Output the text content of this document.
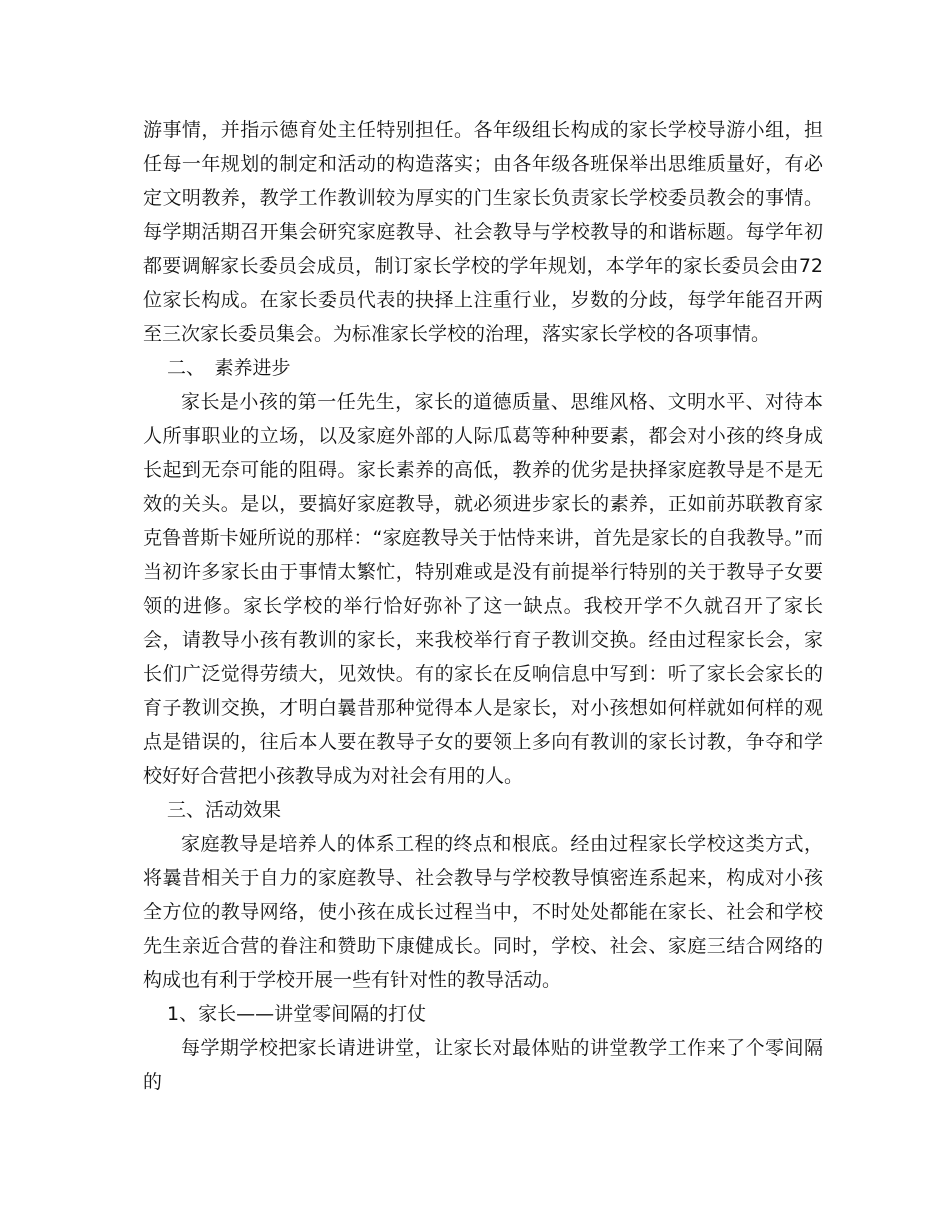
游事情，并指示德育处主任特别担任。各年级组长构成的家长学校导游小组，担任每一年规划的制定和活动的构造落实；由各年级各班保举出思维质量好，有必定文明教养，教学工作教训较为厚实的门生家长负责家长学校委员教会的事情。每学期活期召开集会研究家庭教导、社会教导与学校教导的和谐标题。每学年初都要调解家长委员会成员，制订家长学校的学年规划，本学年的家长委员会由72位家长构成。在家长委员代表的抉择上注重行业，岁数的分歧，每学年能召开两至三次家长委员集会。为标准家长学校的治理，落实家长学校的各项事情。

二、　素养进步

家长是小孩的第一任先生，家长的道德质量、思维风格、文明水平、对待本人所事职业的立场，以及家庭外部的人际瓜葛等种种要素，都会对小孩的终身成长起到无奈可能的阻碍。家长素养的高低，教养的优劣是抉择家庭教导是不是无效的关头。是以，要搞好家庭教导，就必须进步家长的素养，正如前苏联教育家克鲁普斯卡娅所说的那样：“家庭教导关于怙恃来讲，首先是家长的自我教导。”而当初许多家长由于事情太繁忙，特别难或是没有前提举行特别的关于教导子女要领的进修。家长学校的举行恰好弥补了这一缺点。我校开学不久就召开了家长会，请教导小孩有教训的家长，来我校举行育子教训交换。经由过程家长会，家长们广泛觉得劳绩大，见效快。有的家长在反响信息中写到：听了家长会家长的育子教训交换，才明白曩昔那种觉得本人是家长，对小孩想如何样就如何样的观点是错误的，往后本人要在教导子女的要领上多向有教训的家长讨教，争夺和学校好好合营把小孩教导成为对社会有用的人。

三、活动效果

家庭教导是培养人的体系工程的终点和根底。经由过程家长学校这类方式，将曩昔相关于自力的家庭教导、社会教导与学校教导慎密连系起来，构成对小孩全方位的教导网络，使小孩在成长过程当中，不时处处都能在家长、社会和学校先生亲近合营的眷注和赞助下康健成长。同时，学校、社会、家庭三结合网络的构成也有利于学校开展一些有针对性的教导活动。

1、家长——讲堂零间隔的打仗

每学期学校把家长请进讲堂，让家长对最体贴的讲堂教学工作来了个零间隔的
